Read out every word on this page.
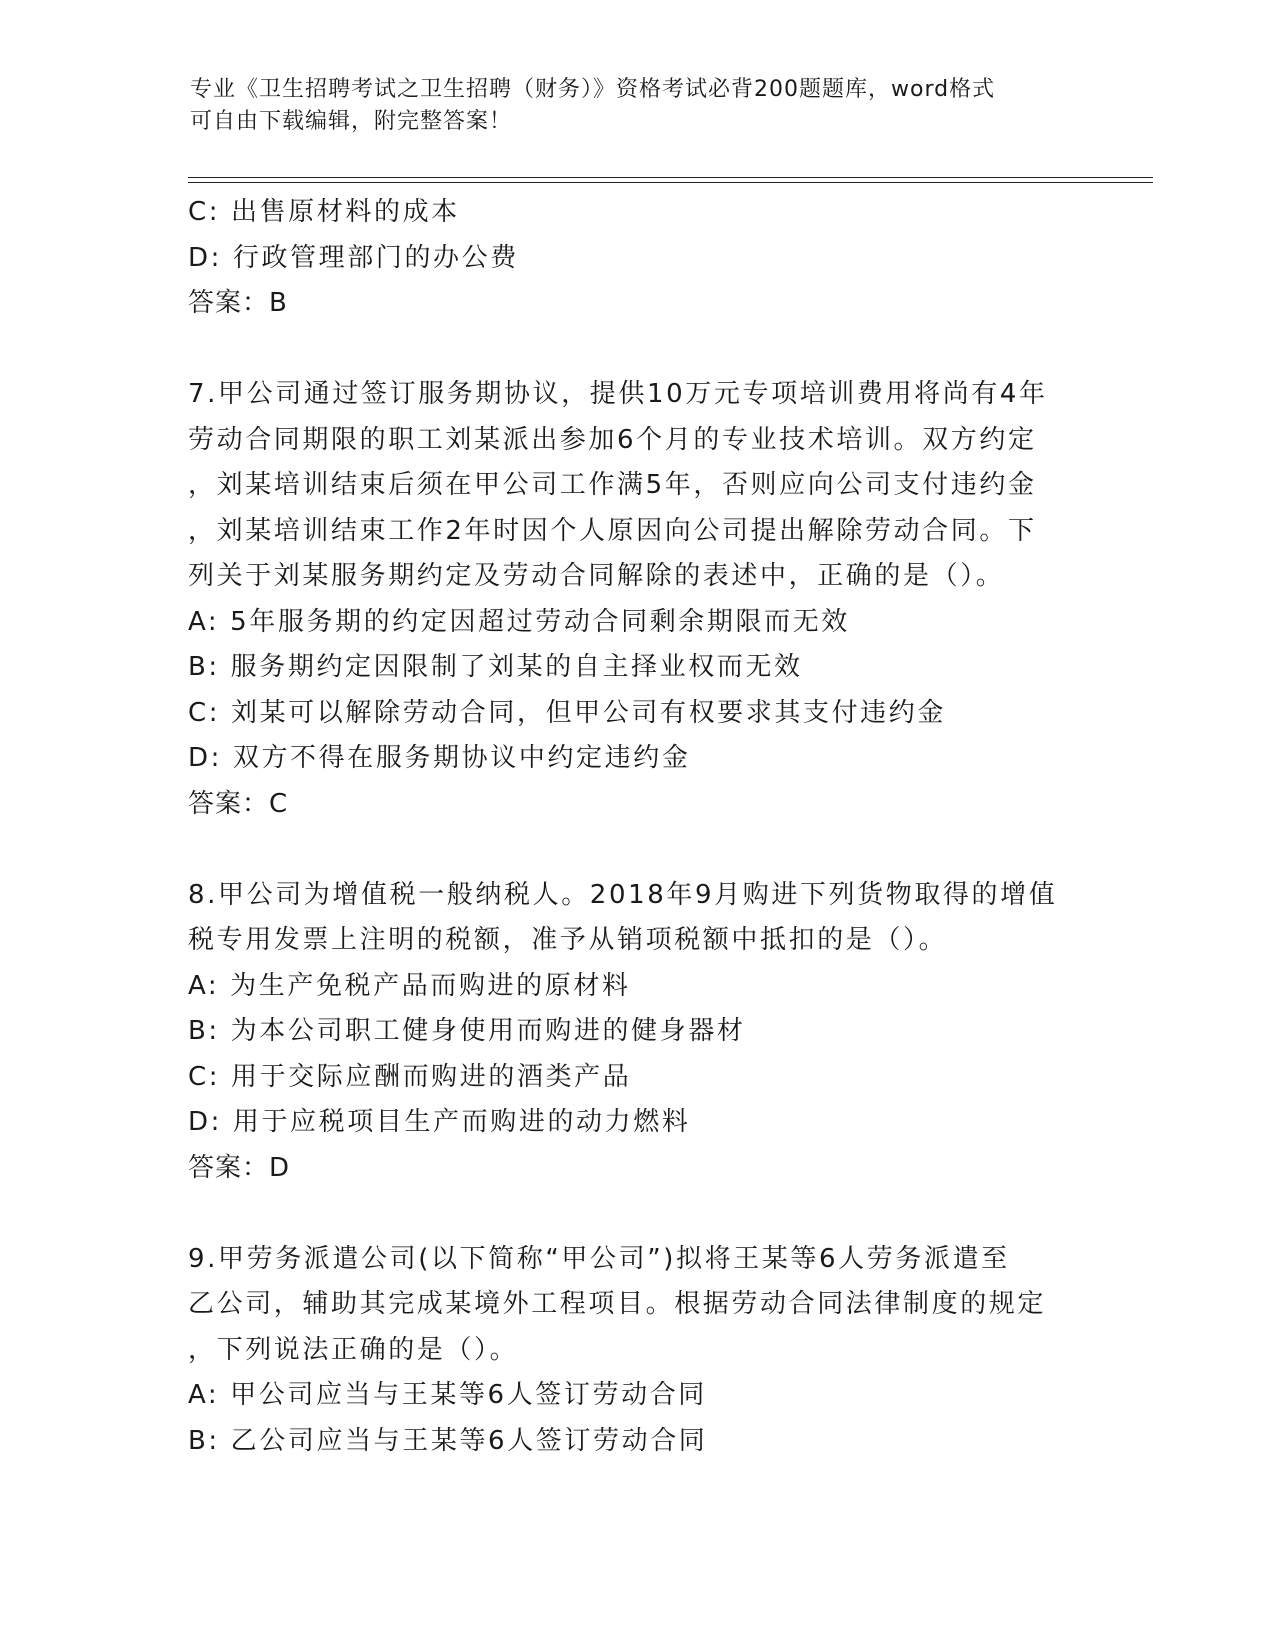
专业《卫生招聘考试之卫生招聘（财务）》资格考试必背200题题库，word格式
可自由下载编辑，附完整答案！
C: 出售原材料的成本
D: 行政管理部门的办公费
答案：B
7.甲公司通过签订服务期协议，提供10万元专项培训费用将尚有4年
劳动合同期限的职工刘某派出参加6个月的专业技术培训。双方约定
，刘某培训结束后须在甲公司工作满5年，否则应向公司支付违约金
，刘某培训结束工作2年时因个人原因向公司提出解除劳动合同。下
列关于刘某服务期约定及劳动合同解除的表述中，正确的是（）。
A: 5年服务期的约定因超过劳动合同剩余期限而无效
B: 服务期约定因限制了刘某的自主择业权而无效
C: 刘某可以解除劳动合同，但甲公司有权要求其支付违约金
D: 双方不得在服务期协议中约定违约金
答案：C
8.甲公司为增值税一般纳税人。2018年9月购进下列货物取得的增值
税专用发票上注明的税额，准予从销项税额中抵扣的是（）。
A: 为生产免税产品而购进的原材料
B: 为本公司职工健身使用而购进的健身器材
C: 用于交际应酬而购进的酒类产品
D: 用于应税项目生产而购进的动力燃料
答案：D
9.甲劳务派遣公司(以下简称“甲公司”)拟将王某等6人劳务派遣至
乙公司，辅助其完成某境外工程项目。根据劳动合同法律制度的规定
，下列说法正确的是（）。
A: 甲公司应当与王某等6人签订劳动合同
B: 乙公司应当与王某等6人签订劳动合同
